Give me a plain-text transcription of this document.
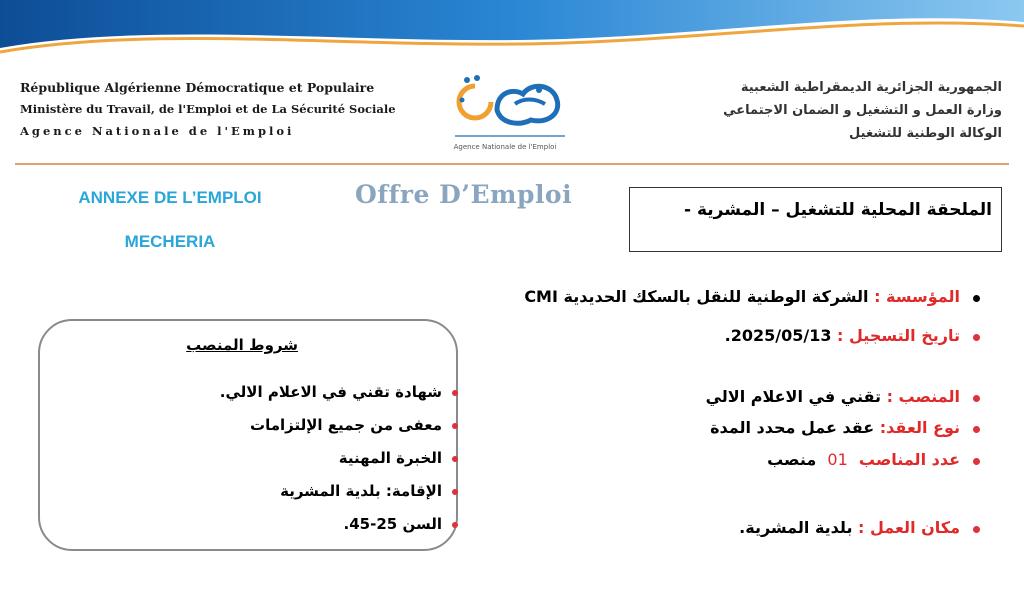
République Algérienne Démocratique et Populaire
Ministère du Travail, de l'Emploi et de La Sécurité Sociale
Agence Nationale de l'Emploi
Agence Nationale de l'Emploi
الجمهورية الجزائرية الديمقراطية الشعبية
وزارة العمل و التشغيل و الضمان الاجتماعي
الوكالة الوطنية للتشغيل
ANNEXE DE L’EMPLOI
MECHERIA
Offre D’Emploi
الملحقة المحلية للتشغيل – المشرية -
شروط المنصب
شهادة تقني في الاعلام الالي.
معفى من جميع الإلتزامات
الخبرة المهنية
الإقامة: بلدية المشرية
السن 25-45.
المؤسسة : الشركة الوطنية للنقل بالسكك الحديدية CMI
تاريخ التسجيل : 2025/05/13.
المنصب : تقني في الاعلام الالي
نوع العقد: عقد عمل محدد المدة
عدد المناصب  01  منصب
مكان العمل : بلدية المشرية.
